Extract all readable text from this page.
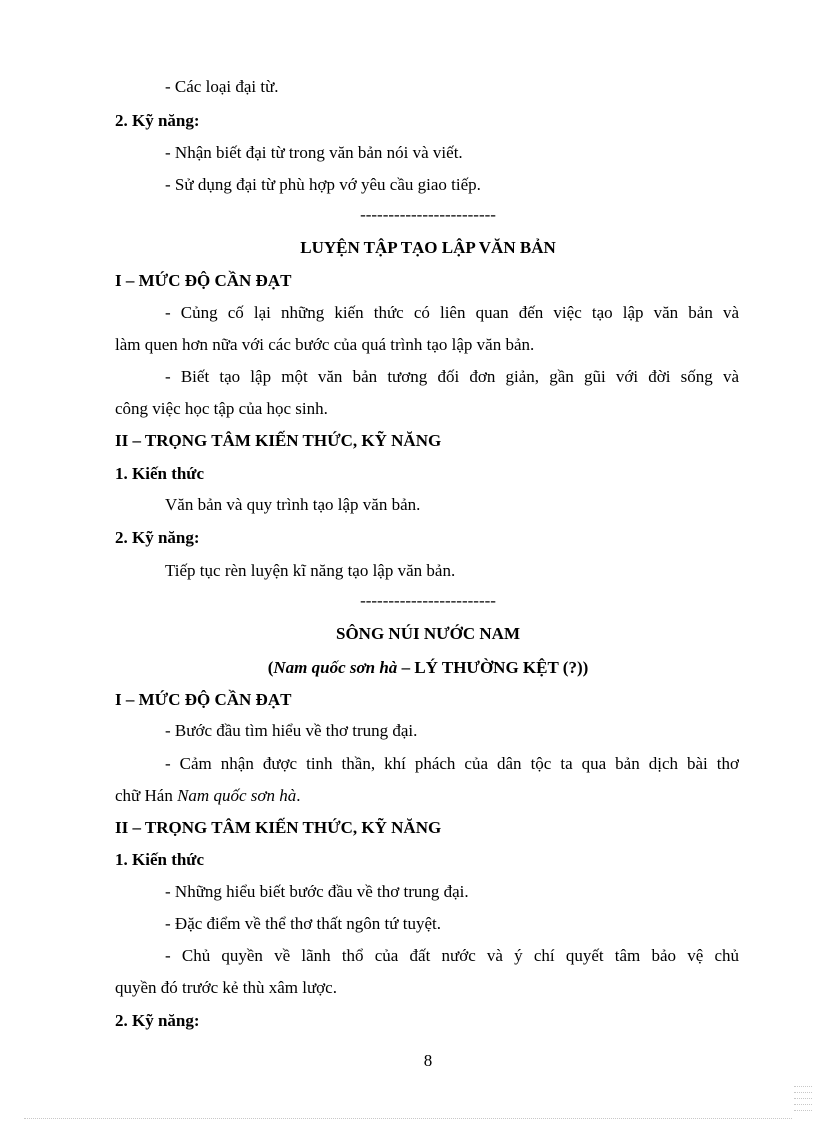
- Các loại đại từ.
2. Kỹ năng:
- Nhận biết đại từ trong văn bản nói và viết.
- Sử dụng đại từ phù hợp vớ yêu cầu giao tiếp.
------------------------
LUYỆN TẬP TẠO LẬP VĂN BẢN
I – MỨC ĐỘ CẦN ĐẠT
- Củng cố lại những kiến thức có liên quan đến việc tạo lập văn bản và
làm quen hơn nữa với các bước của quá trình tạo lập văn bản.
- Biết tạo lập một văn bản tương đối đơn giản, gần gũi với đời sống và
công việc học tập của học sinh.
II – TRỌNG TÂM KIẾN THỨC, KỸ NĂNG
1. Kiến thức
Văn bản và quy trình tạo lập văn bản.
2. Kỹ năng:
Tiếp tục rèn luyện kĩ năng tạo lập văn bản.
------------------------
SÔNG NÚI NƯỚC NAM
(Nam quốc sơn hà – LÝ THƯỜNG KỆT (?))
I – MỨC ĐỘ CẦN ĐẠT
- Bước đầu tìm hiểu về thơ trung đại.
- Cảm nhận được tinh thần, khí phách của dân tộc ta qua bản dịch bài thơ
chữ Hán Nam quốc sơn hà.
II – TRỌNG TÂM KIẾN THỨC, KỸ NĂNG
1. Kiến thức
- Những hiểu biết bước đầu về thơ trung đại.
- Đặc điểm về thể thơ thất ngôn tứ tuyệt.
- Chủ quyền về lãnh thổ của đất nước và ý chí quyết tâm bảo vệ chủ
quyền đó trước kẻ thù xâm lược.
2. Kỹ năng:
8
